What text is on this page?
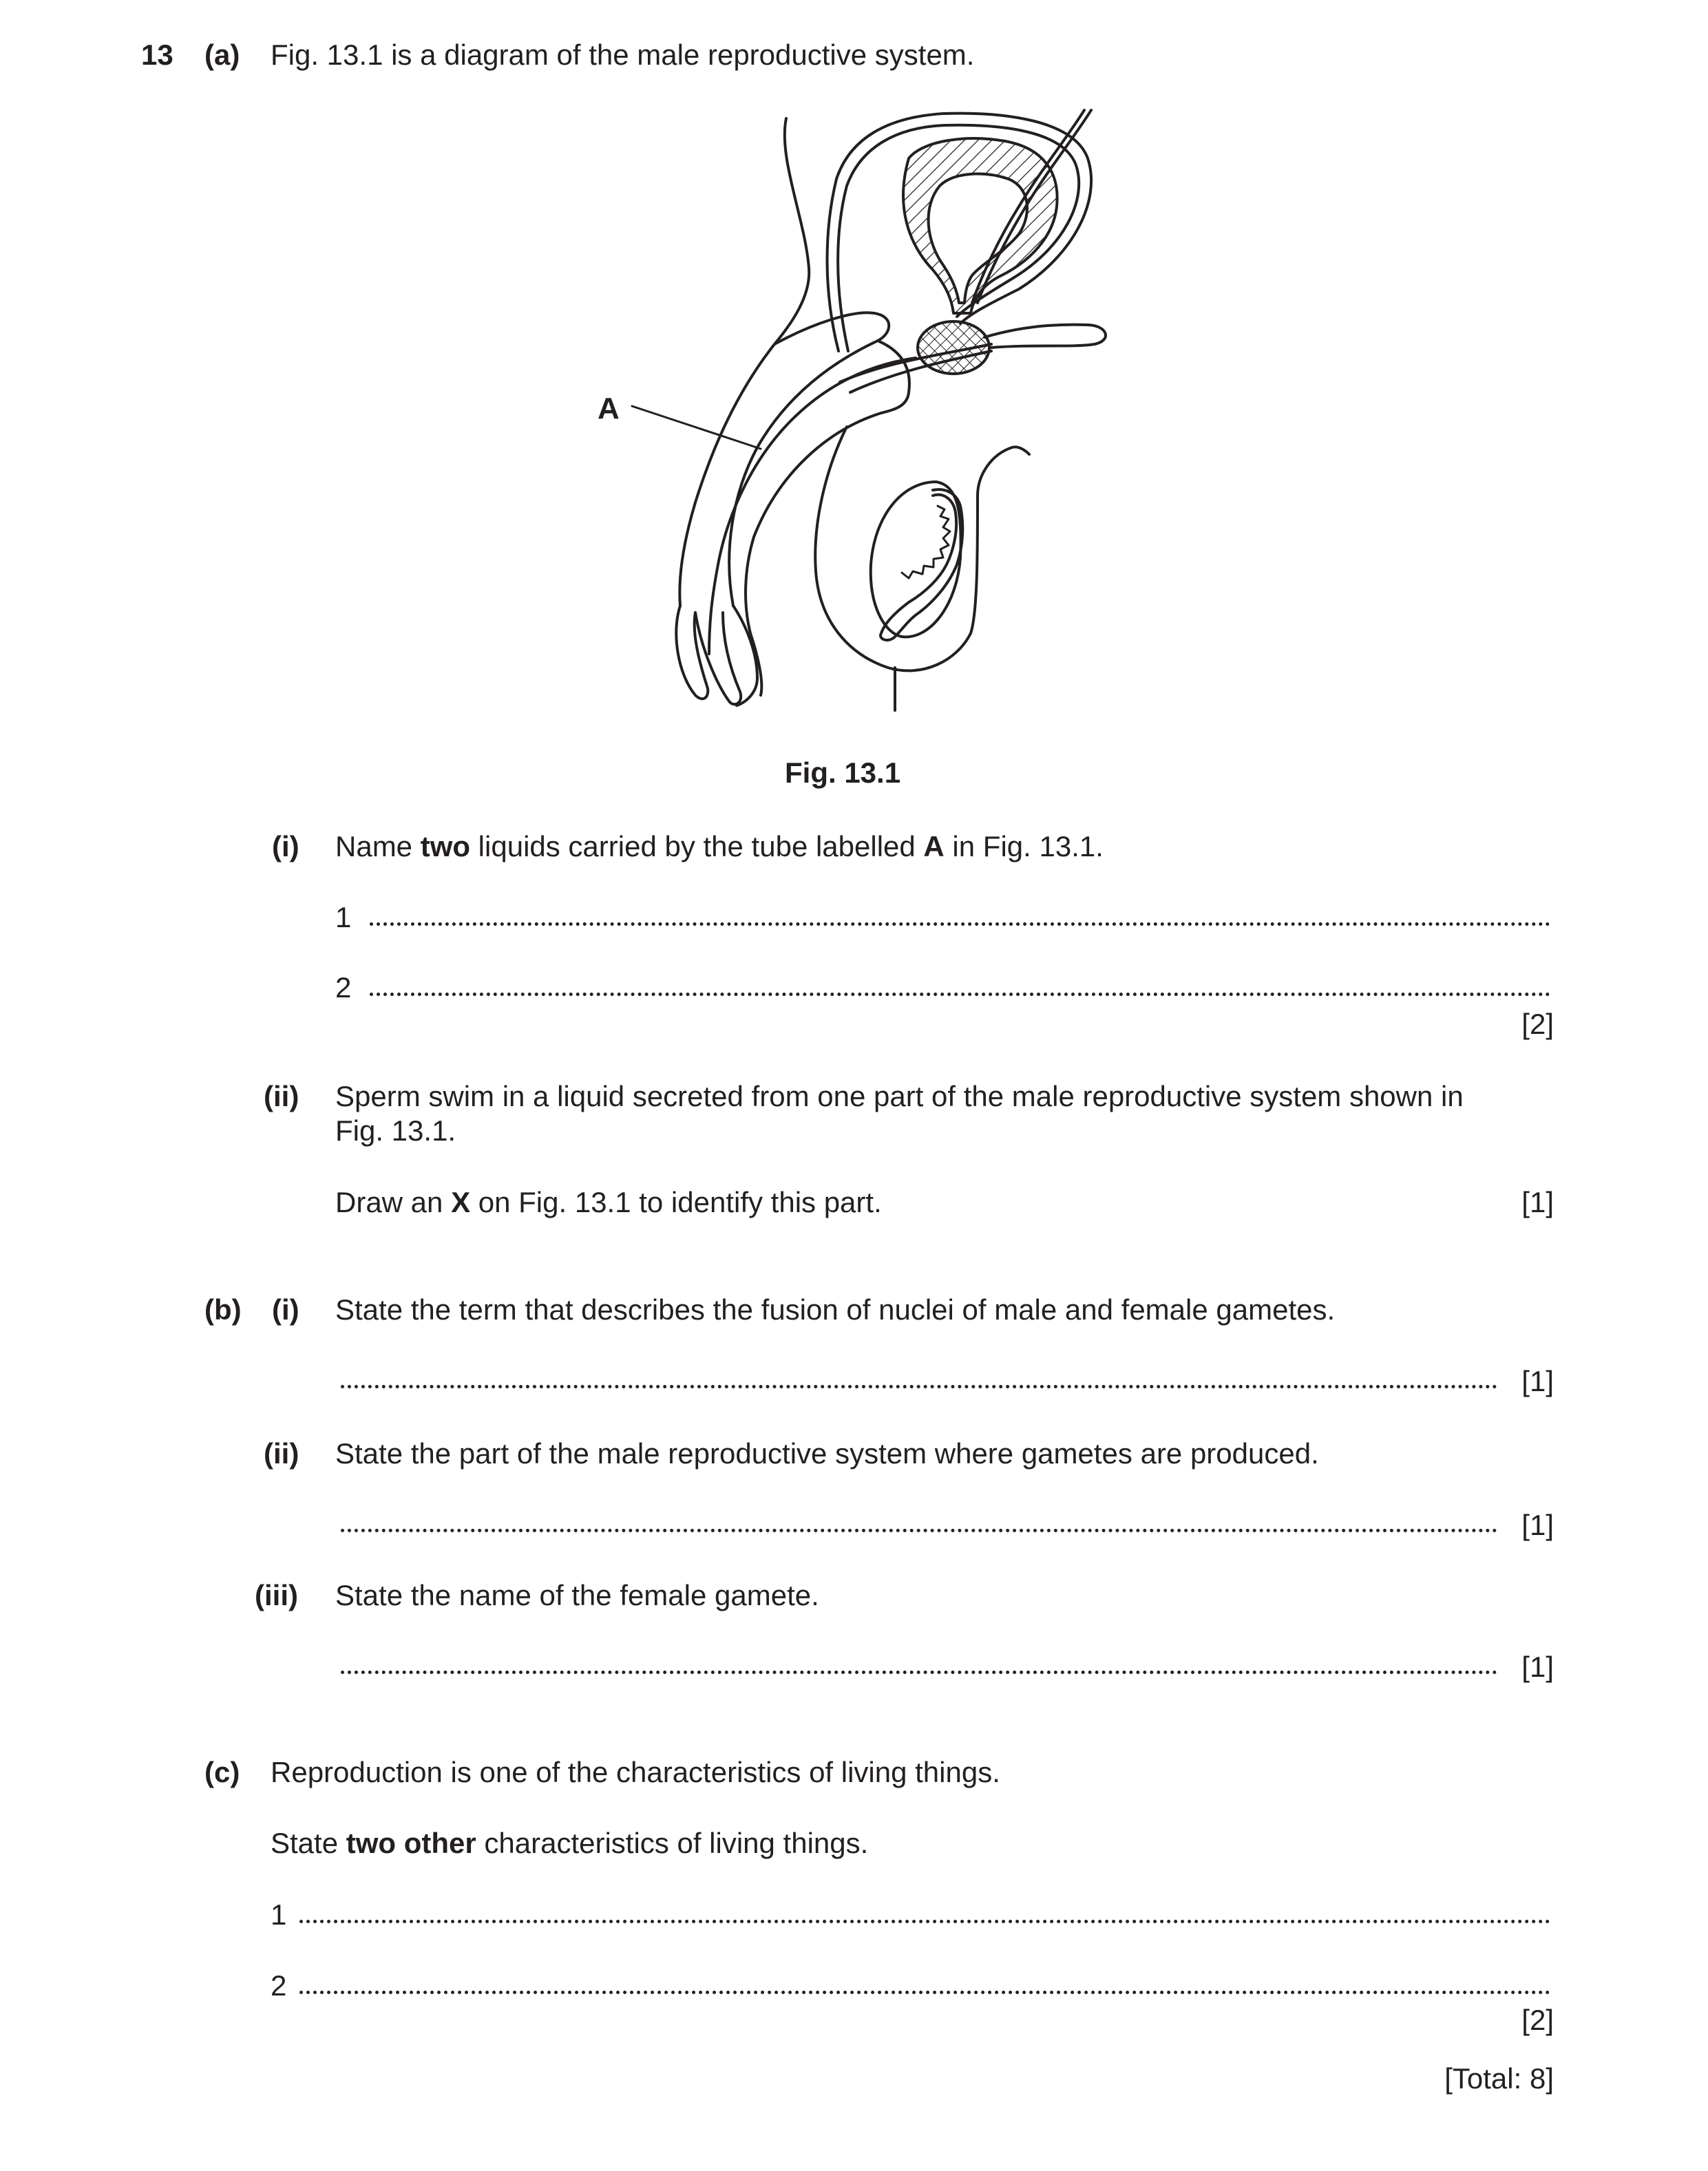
13 (a) Fig. 13.1 is a diagram of the male reproductive system.
A
Fig. 13.1
(i) Name two liquids carried by the tube labelled A in Fig. 13.1.
1
2
[2]
(ii) Sperm swim in a liquid secreted from one part of the male reproductive system shown in
Fig. 13.1.
Draw an X on Fig. 13.1 to identify this part.	[1]
(b) (i) State the term that describes the fusion of nuclei of male and female gametes.
[1]
(ii) State the part of the male reproductive system where gametes are produced.
[1]
(iii) State the name of the female gamete.
[1]
(c) Reproduction is one of the characteristics of living things.
State two other characteristics of living things.
1
2
[2]
[Total: 8]
